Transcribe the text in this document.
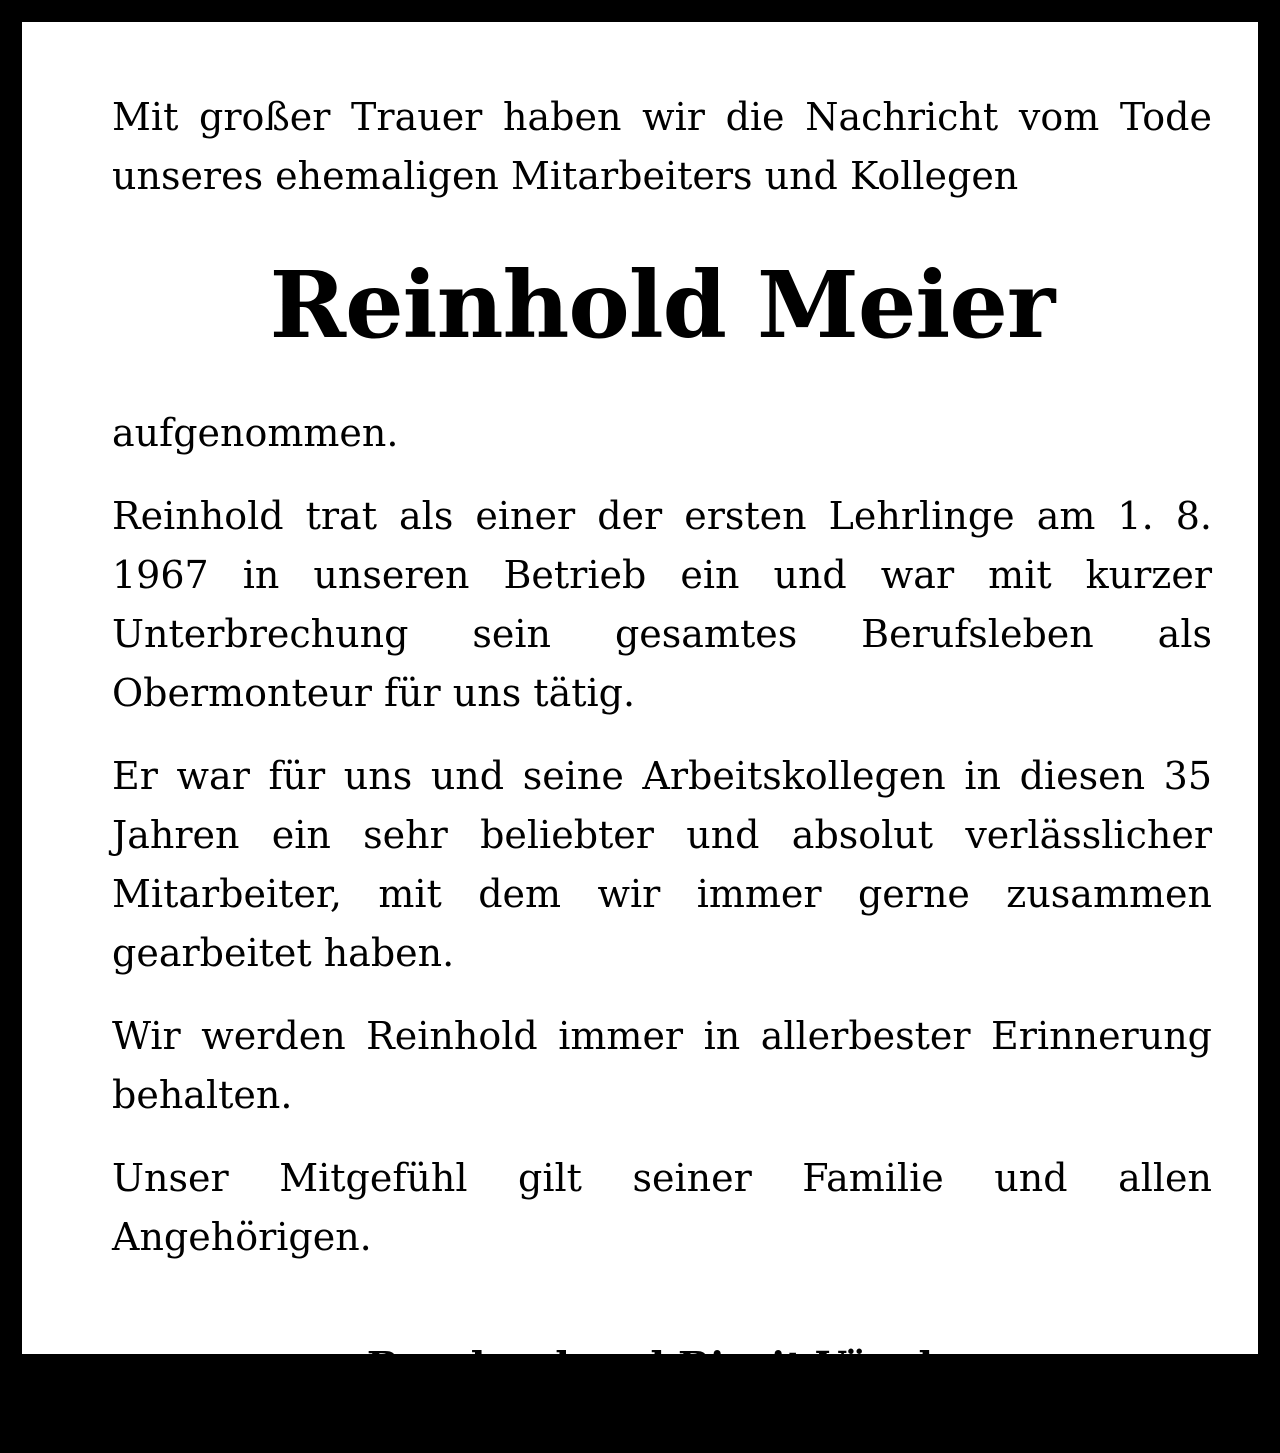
Mit großer Trauer haben wir die Nachricht vom Tode

unseres ehemaligen Mitarbeiters und Kollegen

Reinhold Meier

aufgenommen.

Reinhold trat als einer der ersten Lehrlinge am 1. 8. 1967 in unseren Betrieb ein und war mit kurzer Unterbrechung sein gesamtes Berufsleben als Obermonteur für uns tätig.

Er war für uns und seine Arbeitskollegen in diesen 35 Jahren ein sehr beliebter und absolut verlässlicher Mitarbeiter, mit dem wir immer gerne zusammen gearbeitet haben.

Wir werden Reinhold immer in allerbester Erinnerung behalten.

Unser Mitgefühl gilt seiner Familie und allen Angehörigen.

Bernhard und Birgit Vögele
und alle Mitarbeiter der Walter Vögele GmbH
